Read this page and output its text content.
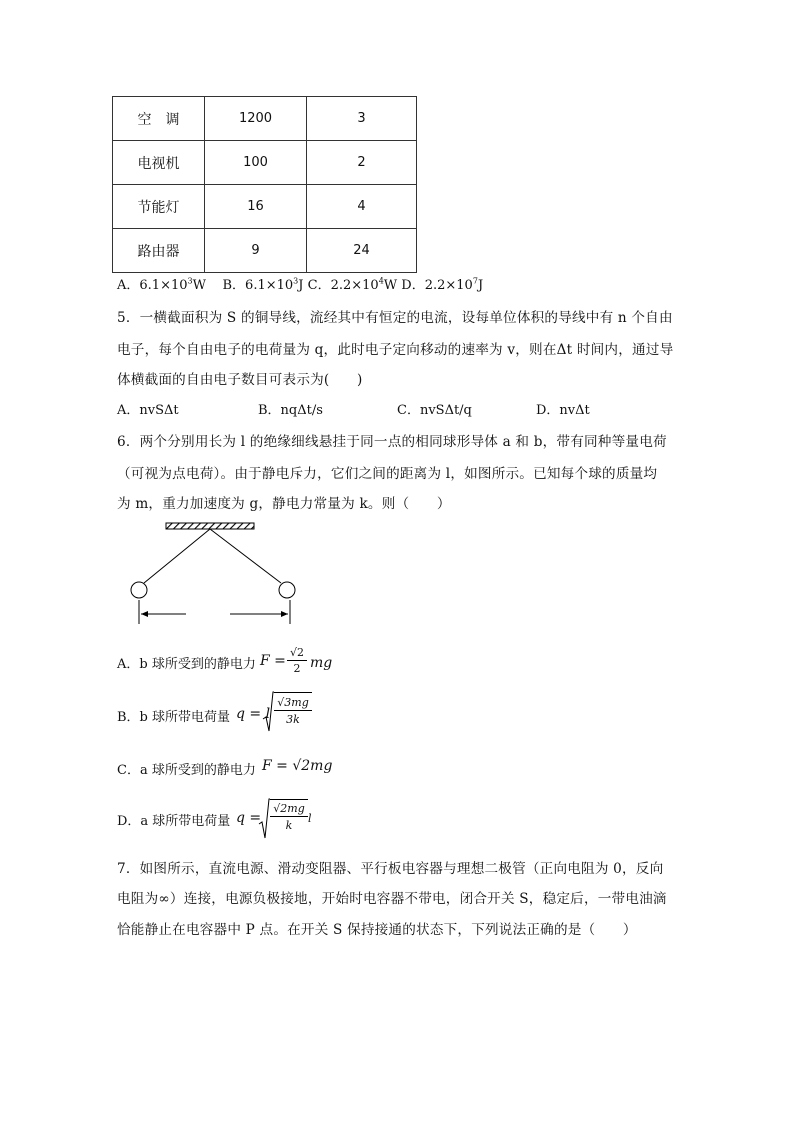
空　调	1200	3
电视机	100	2
节能灯	16	4
路由器	9	24
A．$6.1\times 10^3W$ B．$6.1\times 10^3J$ C．$2.2\times 10^4W$ D．$2.2\times 10^7J$
5．一横截面积为 S 的铜导线，流经其中有恒定的电流，设每单位体积的导线中有 n 个自由
电子，每个自由电子的电荷量为 q，此时电子定向移动的速率为 v，则在Δt 时间内，通过导
体横截面的自由电子数目可表示为(　　)
A．nvSΔt	B．nqΔt/s	C．nvSΔt/q	D．nvΔt
6．两个分别用长为 l 的绝缘细线悬挂于同一点的相同球形导体 a 和 b，带有同种等量电荷
（可视为点电荷）。由于静电斥力，它们之间的距离为 l，如图所示。已知每个球的质量均
为 m，重力加速度为 g，静电力常量为 k。则（　　）
A．b 球所受到的静电力 F =
√2
2 mg
B．b 球所带电荷量 q = l
√3mg
3k
C．a 球所受到的静电力 F = √2mg
D．a 球所带电荷量 q =
√2mg
k
l
7．如图所示，直流电源、滑动变阻器、平行板电容器与理想二极管（正向电阻为 0，反向
电阻为∞）连接，电源负极接地，开始时电容器不带电，闭合开关 S，稳定后，一带电油滴
恰能静止在电容器中 P 点。在开关 S 保持接通的状态下，下列说法正确的是（　　）
